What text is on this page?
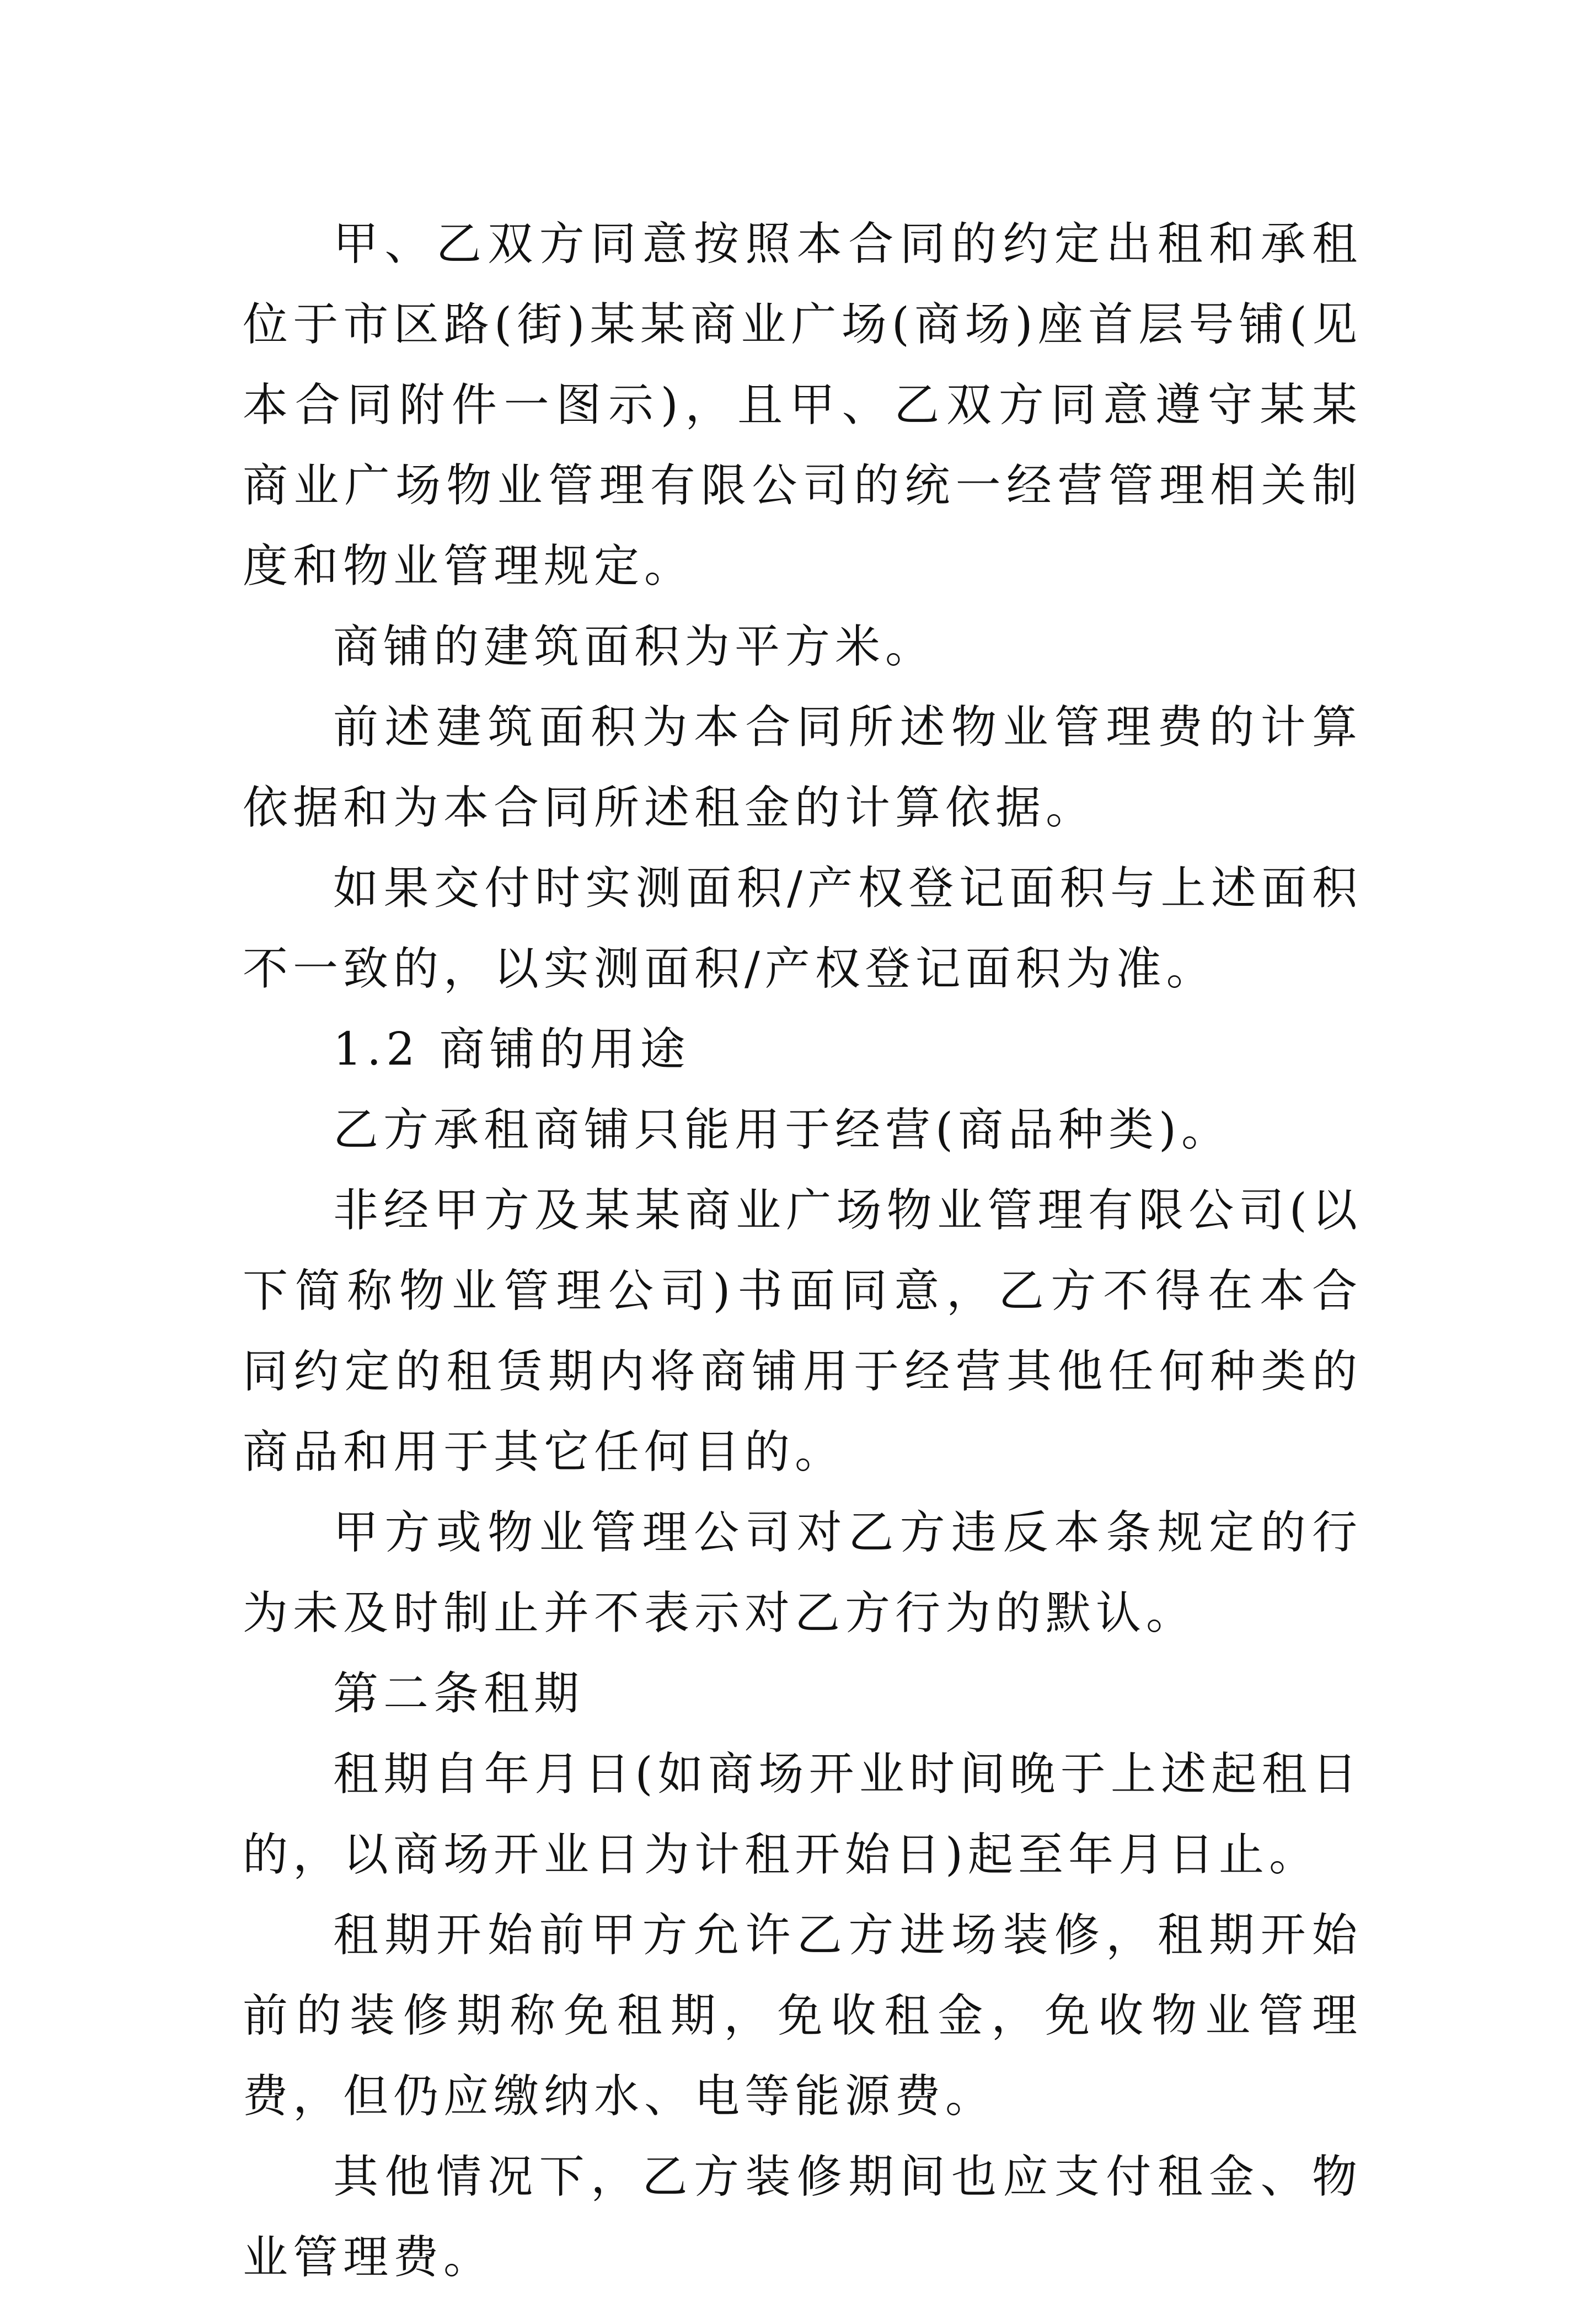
甲、乙双方同意按照本合同的约定出租和承租位于市区路(街)某某商业广场(商场)座首层号铺(见本合同附件一图示)，且甲、乙双方同意遵守某某商业广场物业管理有限公司的统一经营管理相关制度和物业管理规定。

商铺的建筑面积为平方米。

前述建筑面积为本合同所述物业管理费的计算依据和为本合同所述租金的计算依据。

如果交付时实测面积/产权登记面积与上述面积不一致的，以实测面积/产权登记面积为准。

1.2 商铺的用途

乙方承租商铺只能用于经营(商品种类)。

非经甲方及某某商业广场物业管理有限公司(以下简称物业管理公司)书面同意，乙方不得在本合同约定的租赁期内将商铺用于经营其他任何种类的商品和用于其它任何目的。

甲方或物业管理公司对乙方违反本条规定的行为未及时制止并不表示对乙方行为的默认。

第二条租期

租期自年月日(如商场开业时间晚于上述起租日的，以商场开业日为计租开始日)起至年月日止。

租期开始前甲方允许乙方进场装修，租期开始前的装修期称免租期，免收租金，免收物业管理费，但仍应缴纳水、电等能源费。

其他情况下，乙方装修期间也应支付租金、物业管理费。
